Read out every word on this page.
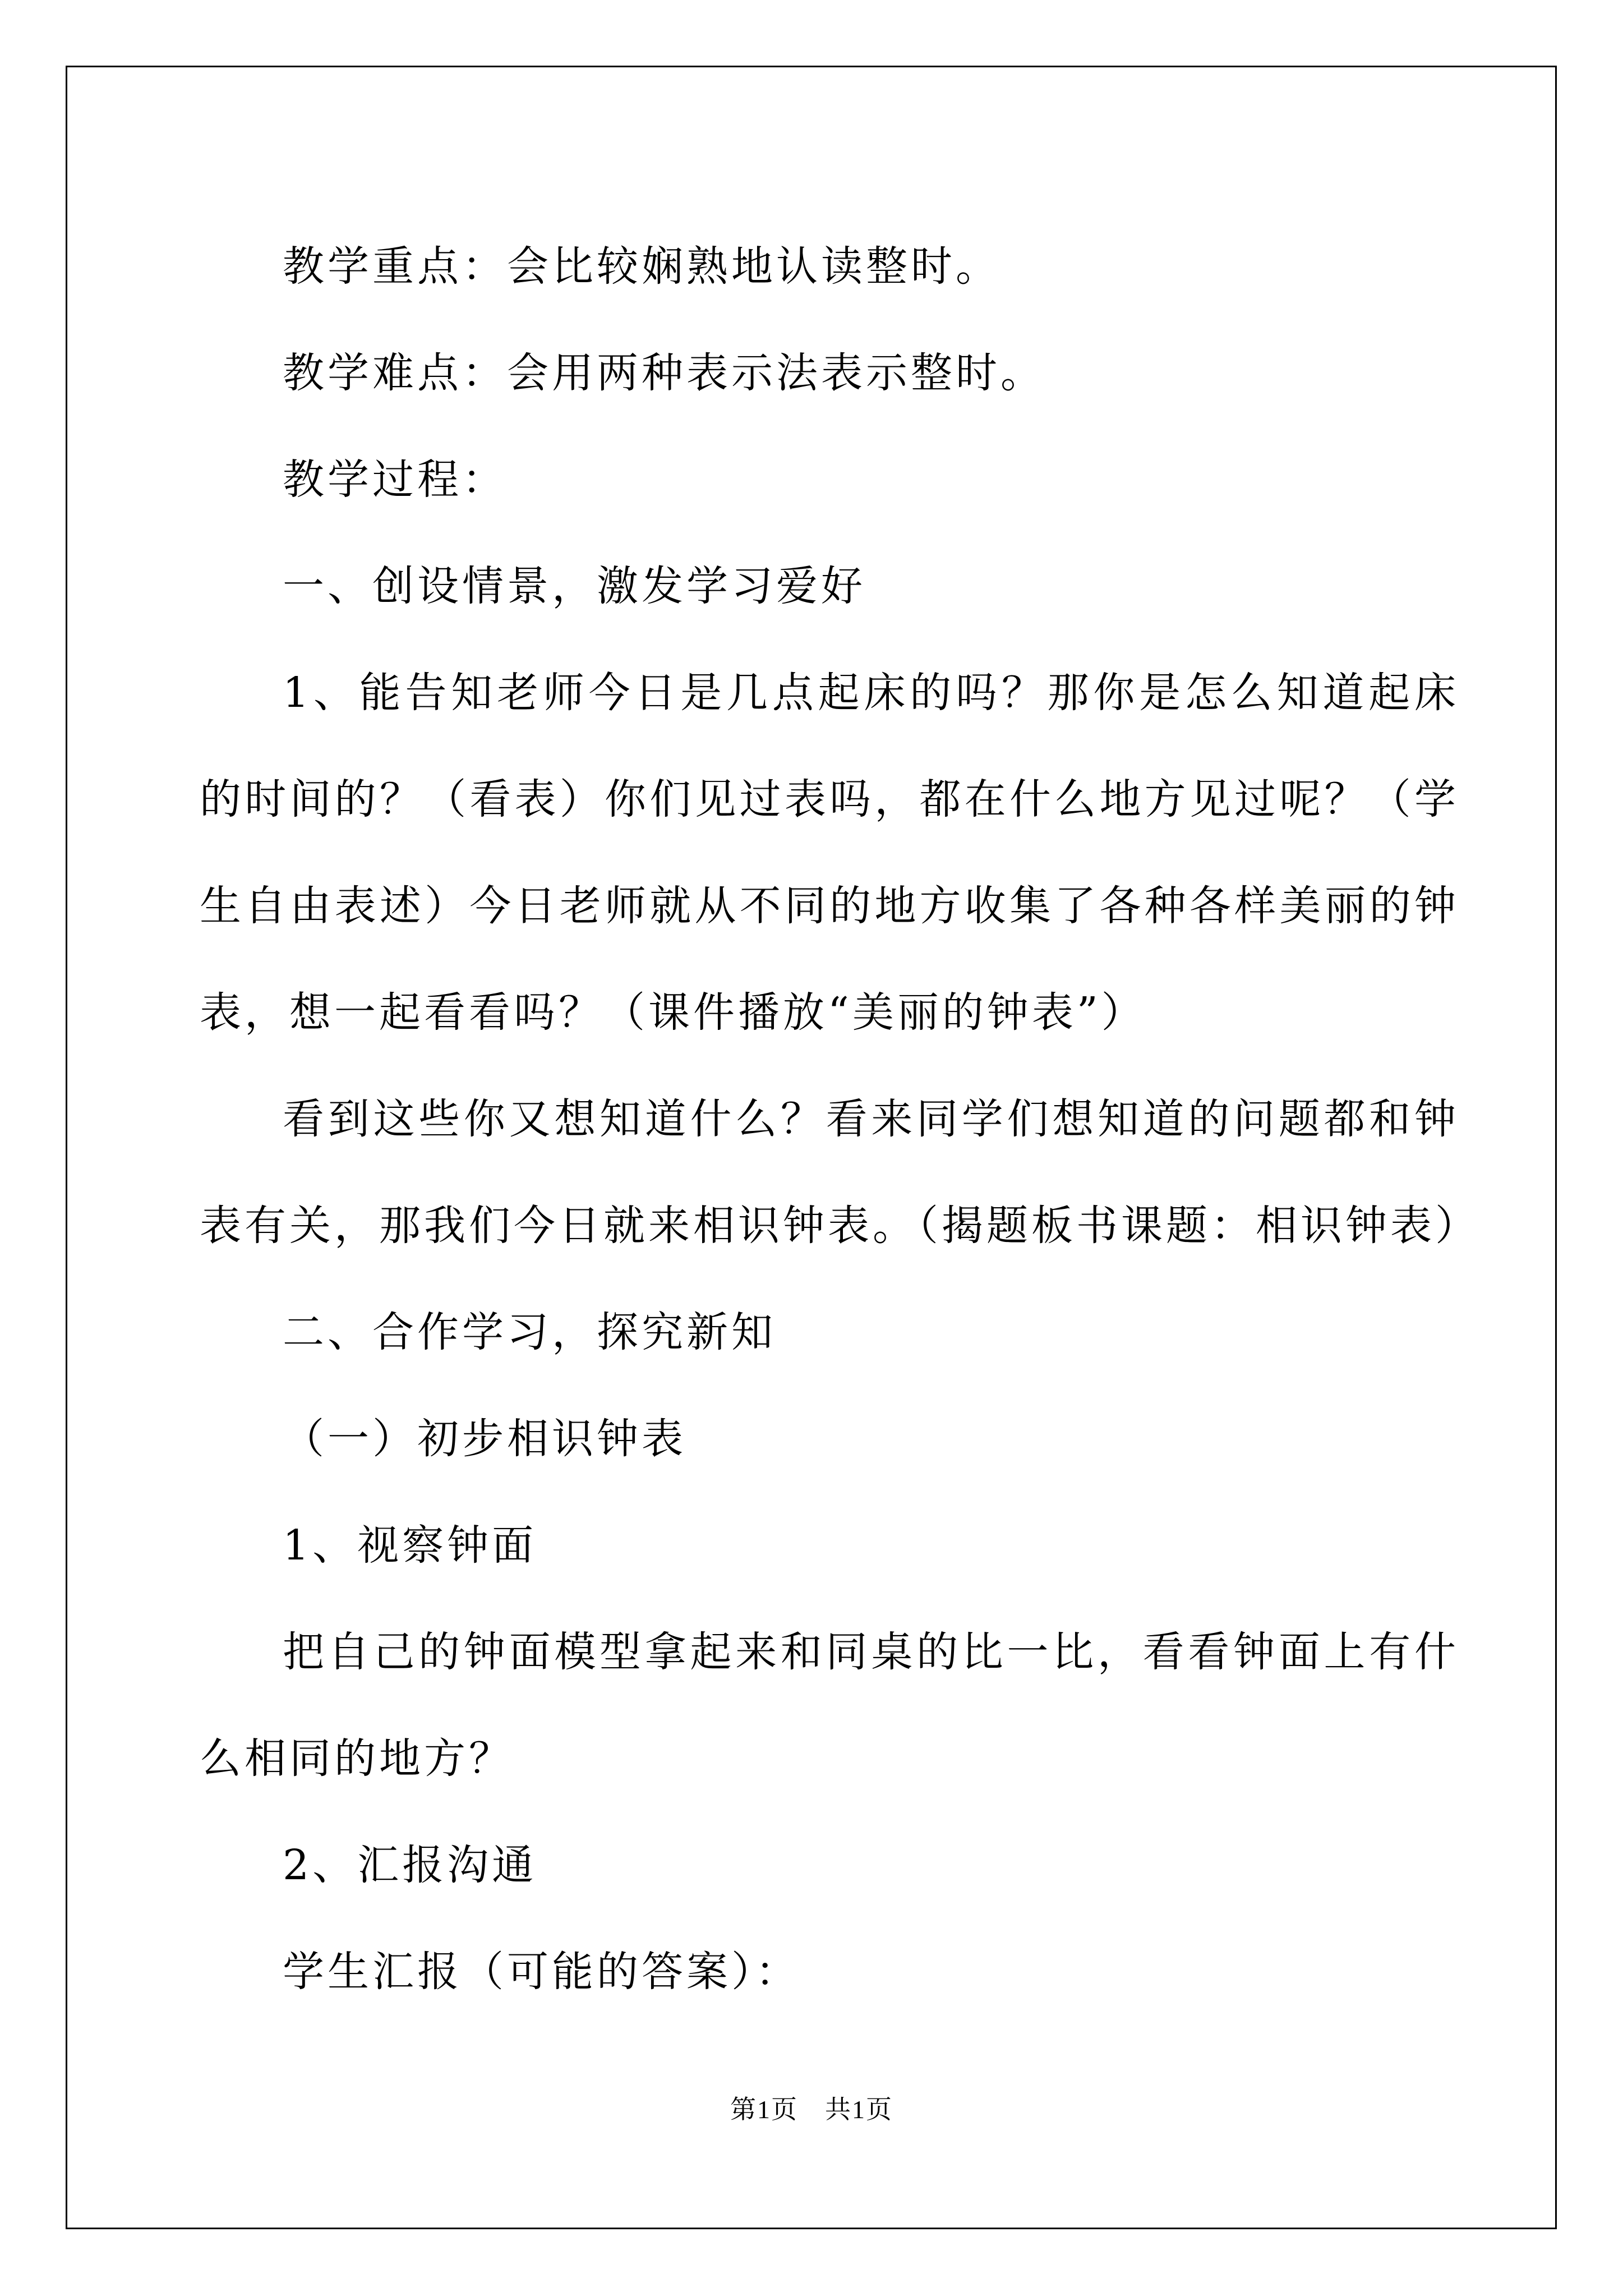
教学重点：会比较娴熟地认读整时。

教学难点：会用两种表示法表示整时。

教学过程：

一、创设情景，激发学习爱好

1、能告知老师今日是几点起床的吗？那你是怎么知道起床的时间的？（看表）你们见过表吗，都在什么地方见过呢？（学生自由表述）今日老师就从不同的地方收集了各种各样美丽的钟表，想一起看看吗？（课件播放“美丽的钟表”）

看到这些你又想知道什么？看来同学们想知道的问题都和钟表有关，那我们今日就来相识钟表。（揭题板书课题：相识钟表）

二、合作学习，探究新知

（一）初步相识钟表

1、视察钟面

把自己的钟面模型拿起来和同桌的比一比，看看钟面上有什么相同的地方？

2、汇报沟通

学生汇报（可能的答案）：

第1页　共1页
